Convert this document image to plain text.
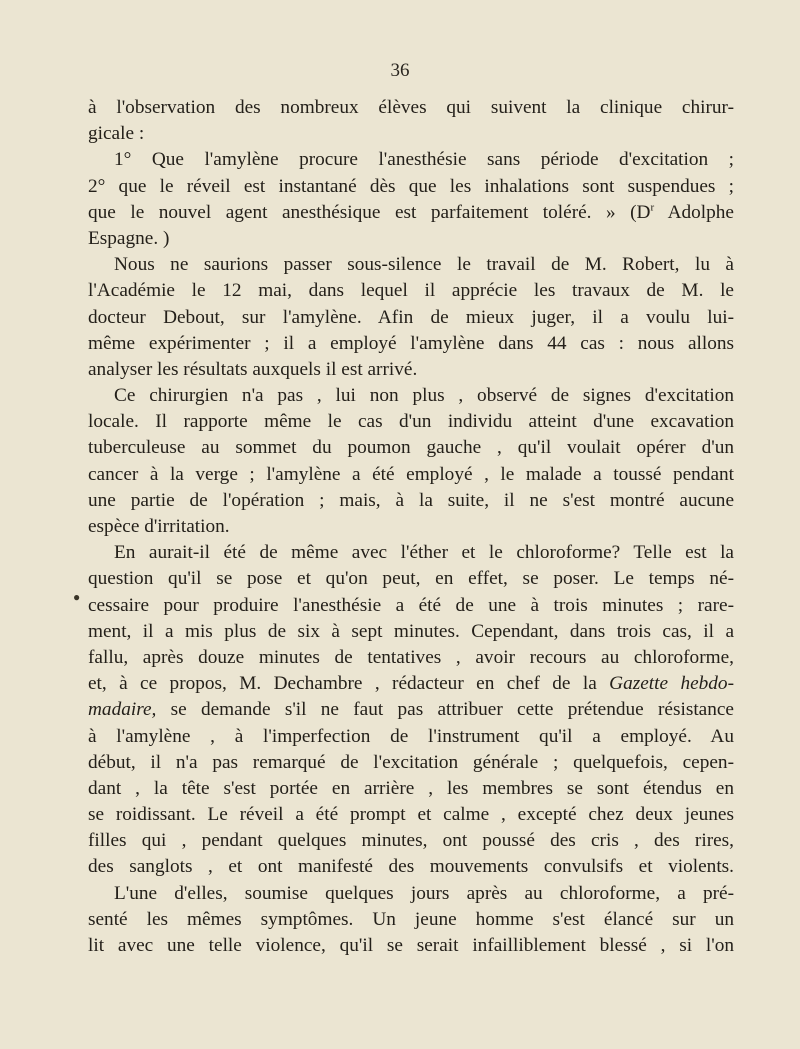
36
à l'observation des nombreux élèves qui suivent la clinique chirur-
gicale :
1° Que l'amylène procure l'anesthésie sans période d'excitation ;
2° que le réveil est instantané dès que les inhalations sont suspendues ;
que le nouvel agent anesthésique est parfaitement toléré. » ($D^r$ Adolphe
Espagne. )
Nous ne saurions passer sous-silence le travail de M. Robert, lu à
l'Académie le 12 mai, dans lequel il apprécie les travaux de M. le
docteur Debout, sur l'amylène. Afin de mieux juger, il a voulu lui-
même expérimenter ; il a employé l'amylène dans 44 cas : nous allons
analyser les résultats auxquels il est arrivé.
Ce chirurgien n'a pas , lui non plus , observé de signes d'excitation
locale. Il rapporte même le cas d'un individu atteint d'une excavation
tuberculeuse au sommet du poumon gauche , qu'il voulait opérer d'un
cancer à la verge ; l'amylène a été employé , le malade a toussé pendant
une partie de l'opération ; mais, à la suite, il ne s'est montré aucune
espèce d'irritation.
En aurait-il été de même avec l'éther et le chloroforme? Telle est la
question qu'il se pose et qu'on peut, en effet, se poser. Le temps né-
cessaire pour produire l'anesthésie a été de une à trois minutes ; rare-
ment, il a mis plus de six à sept minutes. Cependant, dans trois cas, il a
fallu, après douze minutes de tentatives , avoir recours au chloroforme,
et, à ce propos, M. Dechambre , rédacteur en chef de la Gazette hebdo-
madaire, se demande s'il ne faut pas attribuer cette prétendue résistance
à l'amylène , à l'imperfection de l'instrument qu'il a employé. Au
début, il n'a pas remarqué de l'excitation générale ; quelquefois, cepen-
dant , la tête s'est portée en arrière , les membres se sont étendus en
se roidissant. Le réveil a été prompt et calme , excepté chez deux jeunes
filles qui , pendant quelques minutes, ont poussé des cris , des rires,
des sanglots , et ont manifesté des mouvements convulsifs et violents.
L'une d'elles, soumise quelques jours après au chloroforme, a pré-
senté les mêmes symptômes. Un jeune homme s'est élancé sur un
lit avec une telle violence, qu'il se serait infailliblement blessé , si l'on
●
